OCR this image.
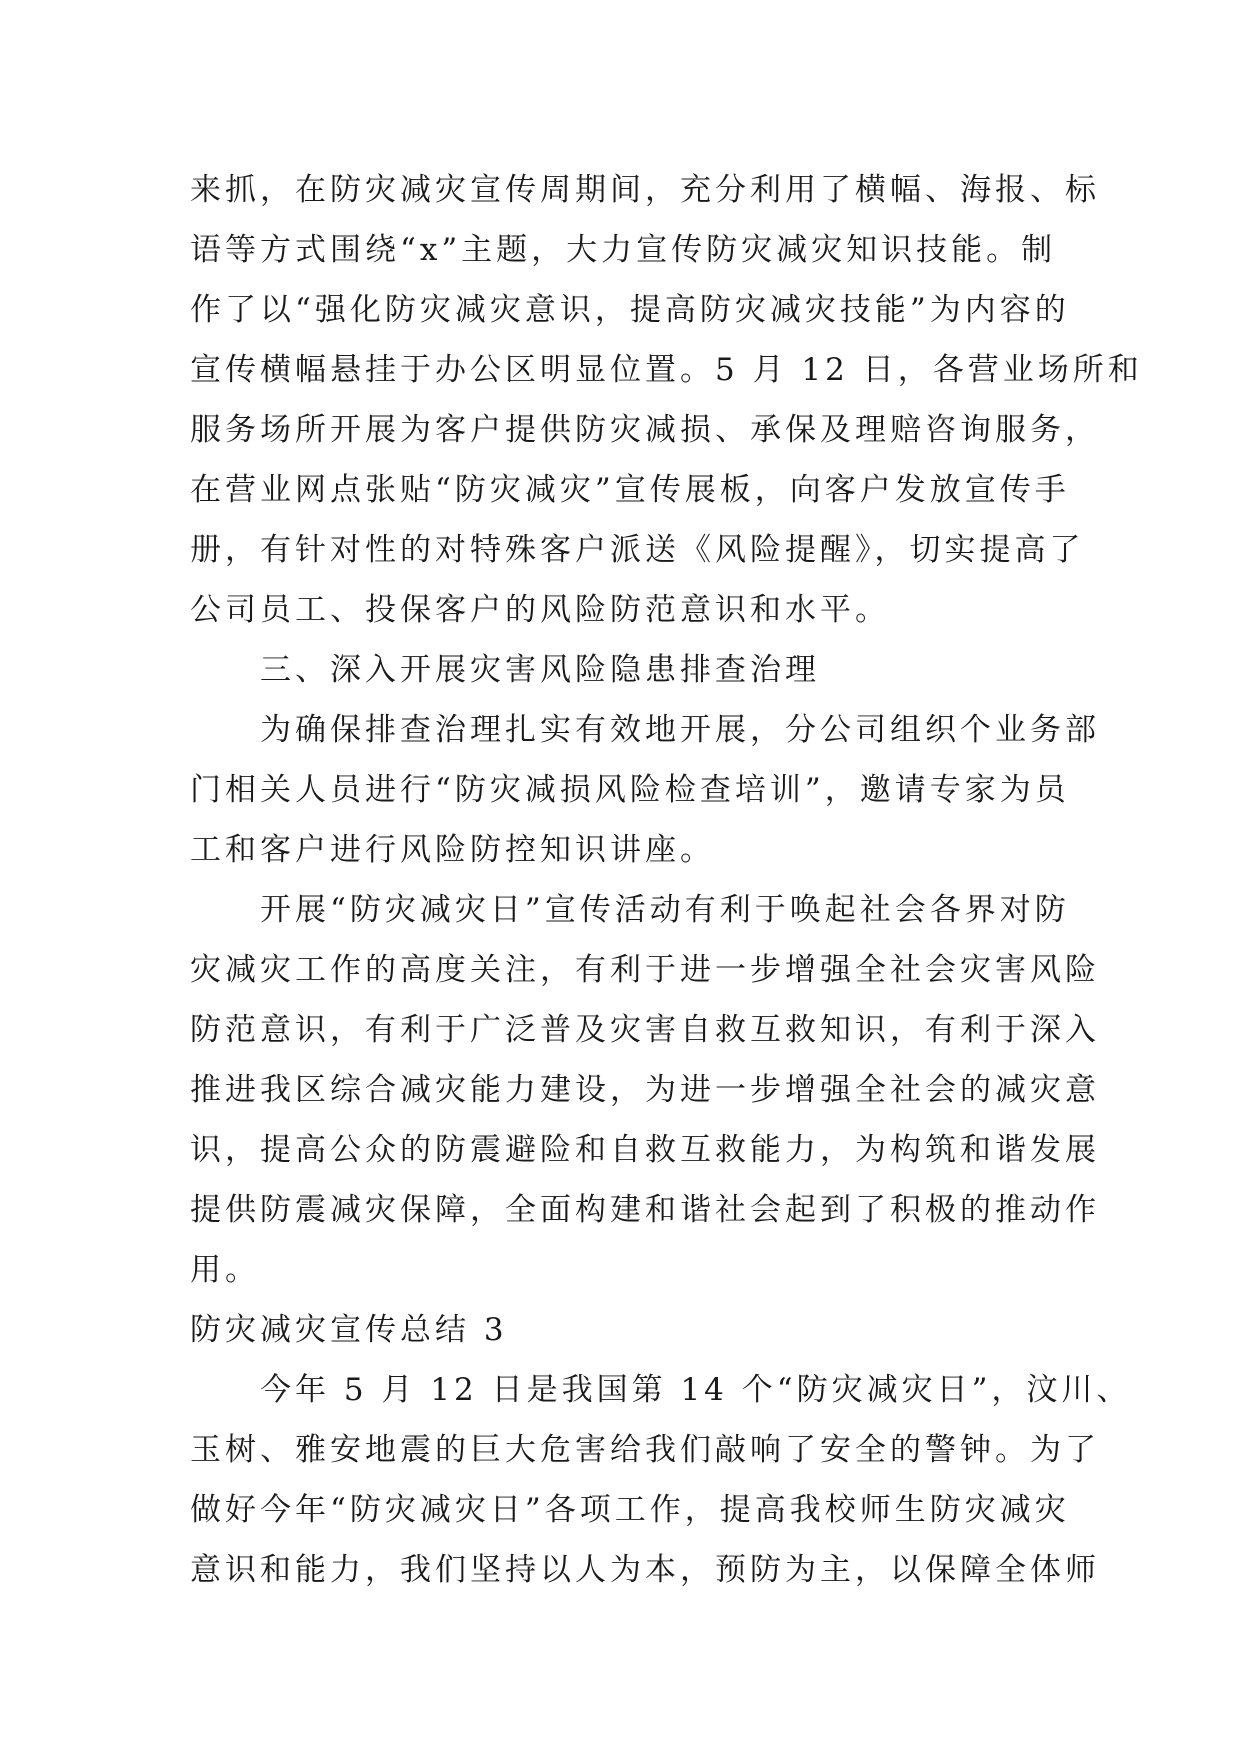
来抓，在防灾减灾宣传周期间，充分利用了横幅、海报、标
语等方式围绕“x”主题，大力宣传防灾减灾知识技能。制
作了以“强化防灾减灾意识，提高防灾减灾技能”为内容的
宣传横幅悬挂于办公区明显位置。5 月 12 日，各营业场所和
服务场所开展为客户提供防灾减损、承保及理赔咨询服务，
在营业网点张贴“防灾减灾”宣传展板，向客户发放宣传手
册，有针对性的对特殊客户派送《风险提醒》，切实提高了
公司员工、投保客户的风险防范意识和水平。
三、深入开展灾害风险隐患排查治理
为确保排查治理扎实有效地开展，分公司组织个业务部
门相关人员进行“防灾减损风险检查培训”，邀请专家为员
工和客户进行风险防控知识讲座。
开展“防灾减灾日”宣传活动有利于唤起社会各界对防
灾减灾工作的高度关注，有利于进一步增强全社会灾害风险
防范意识，有利于广泛普及灾害自救互救知识，有利于深入
推进我区综合减灾能力建设，为进一步增强全社会的减灾意
识，提高公众的防震避险和自救互救能力，为构筑和谐发展
提供防震减灾保障，全面构建和谐社会起到了积极的推动作
用。
防灾减灾宣传总结 3
今年 5 月 12 日是我国第 14 个“防灾减灾日”，汶川、
玉树、雅安地震的巨大危害给我们敲响了安全的警钟。为了
做好今年“防灾减灾日”各项工作，提高我校师生防灾减灾
意识和能力，我们坚持以人为本，预防为主，以保障全体师
